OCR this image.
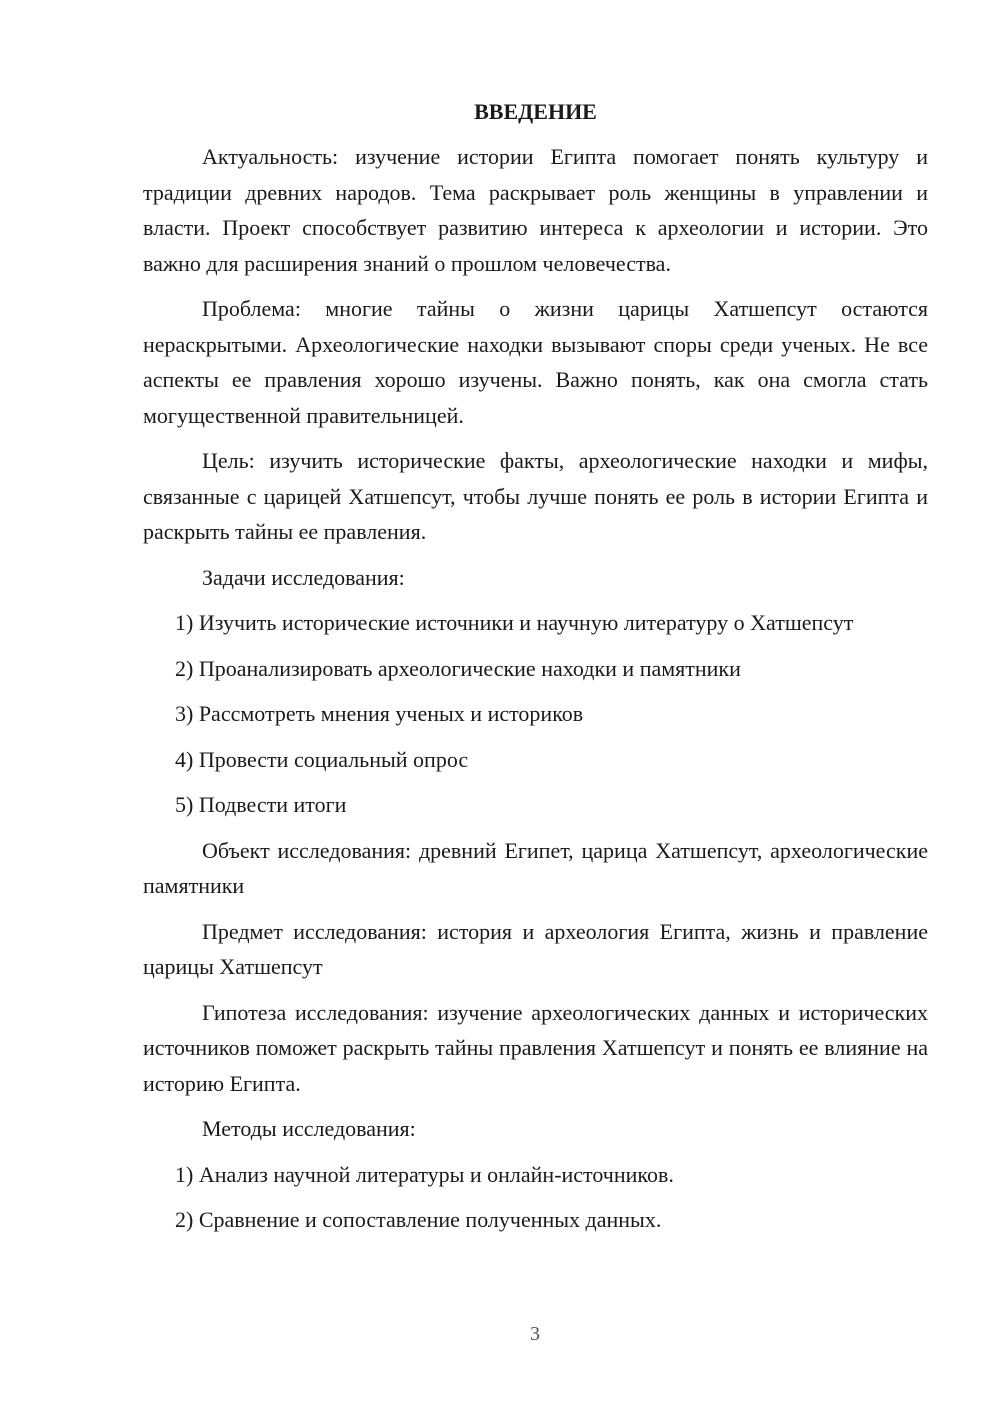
ВВЕДЕНИЕ
Актуальность: изучение истории Египта помогает понять культуру и традиции древних народов. Тема раскрывает роль женщины в управлении и власти. Проект способствует развитию интереса к археологии и истории. Это важно для расширения знаний о прошлом человечества.
Проблема: многие тайны о жизни царицы Хатшепсут остаются нераскрытыми. Археологические находки вызывают споры среди ученых. Не все аспекты ее правления хорошо изучены. Важно понять, как она смогла стать могущественной правительницей.
Цель: изучить исторические факты, археологические находки и мифы, связанные с царицей Хатшепсут, чтобы лучше понять ее роль в истории Египта и раскрыть тайны ее правления.
Задачи исследования:
1) Изучить исторические источники и научную литературу о Хатшепсут
2) Проанализировать археологические находки и памятники
3) Рассмотреть мнения ученых и историков
4) Провести социальный опрос
5) Подвести итоги
Объект исследования: древний Египет, царица Хатшепсут, археологические памятники
Предмет исследования: история и археология Египта, жизнь и правление царицы Хатшепсут
Гипотеза исследования: изучение археологических данных и исторических источников поможет раскрыть тайны правления Хатшепсут и понять ее влияние на историю Египта.
Методы исследования:
1) Анализ научной литературы и онлайн-источников.
2) Сравнение и сопоставление полученных данных.
3
